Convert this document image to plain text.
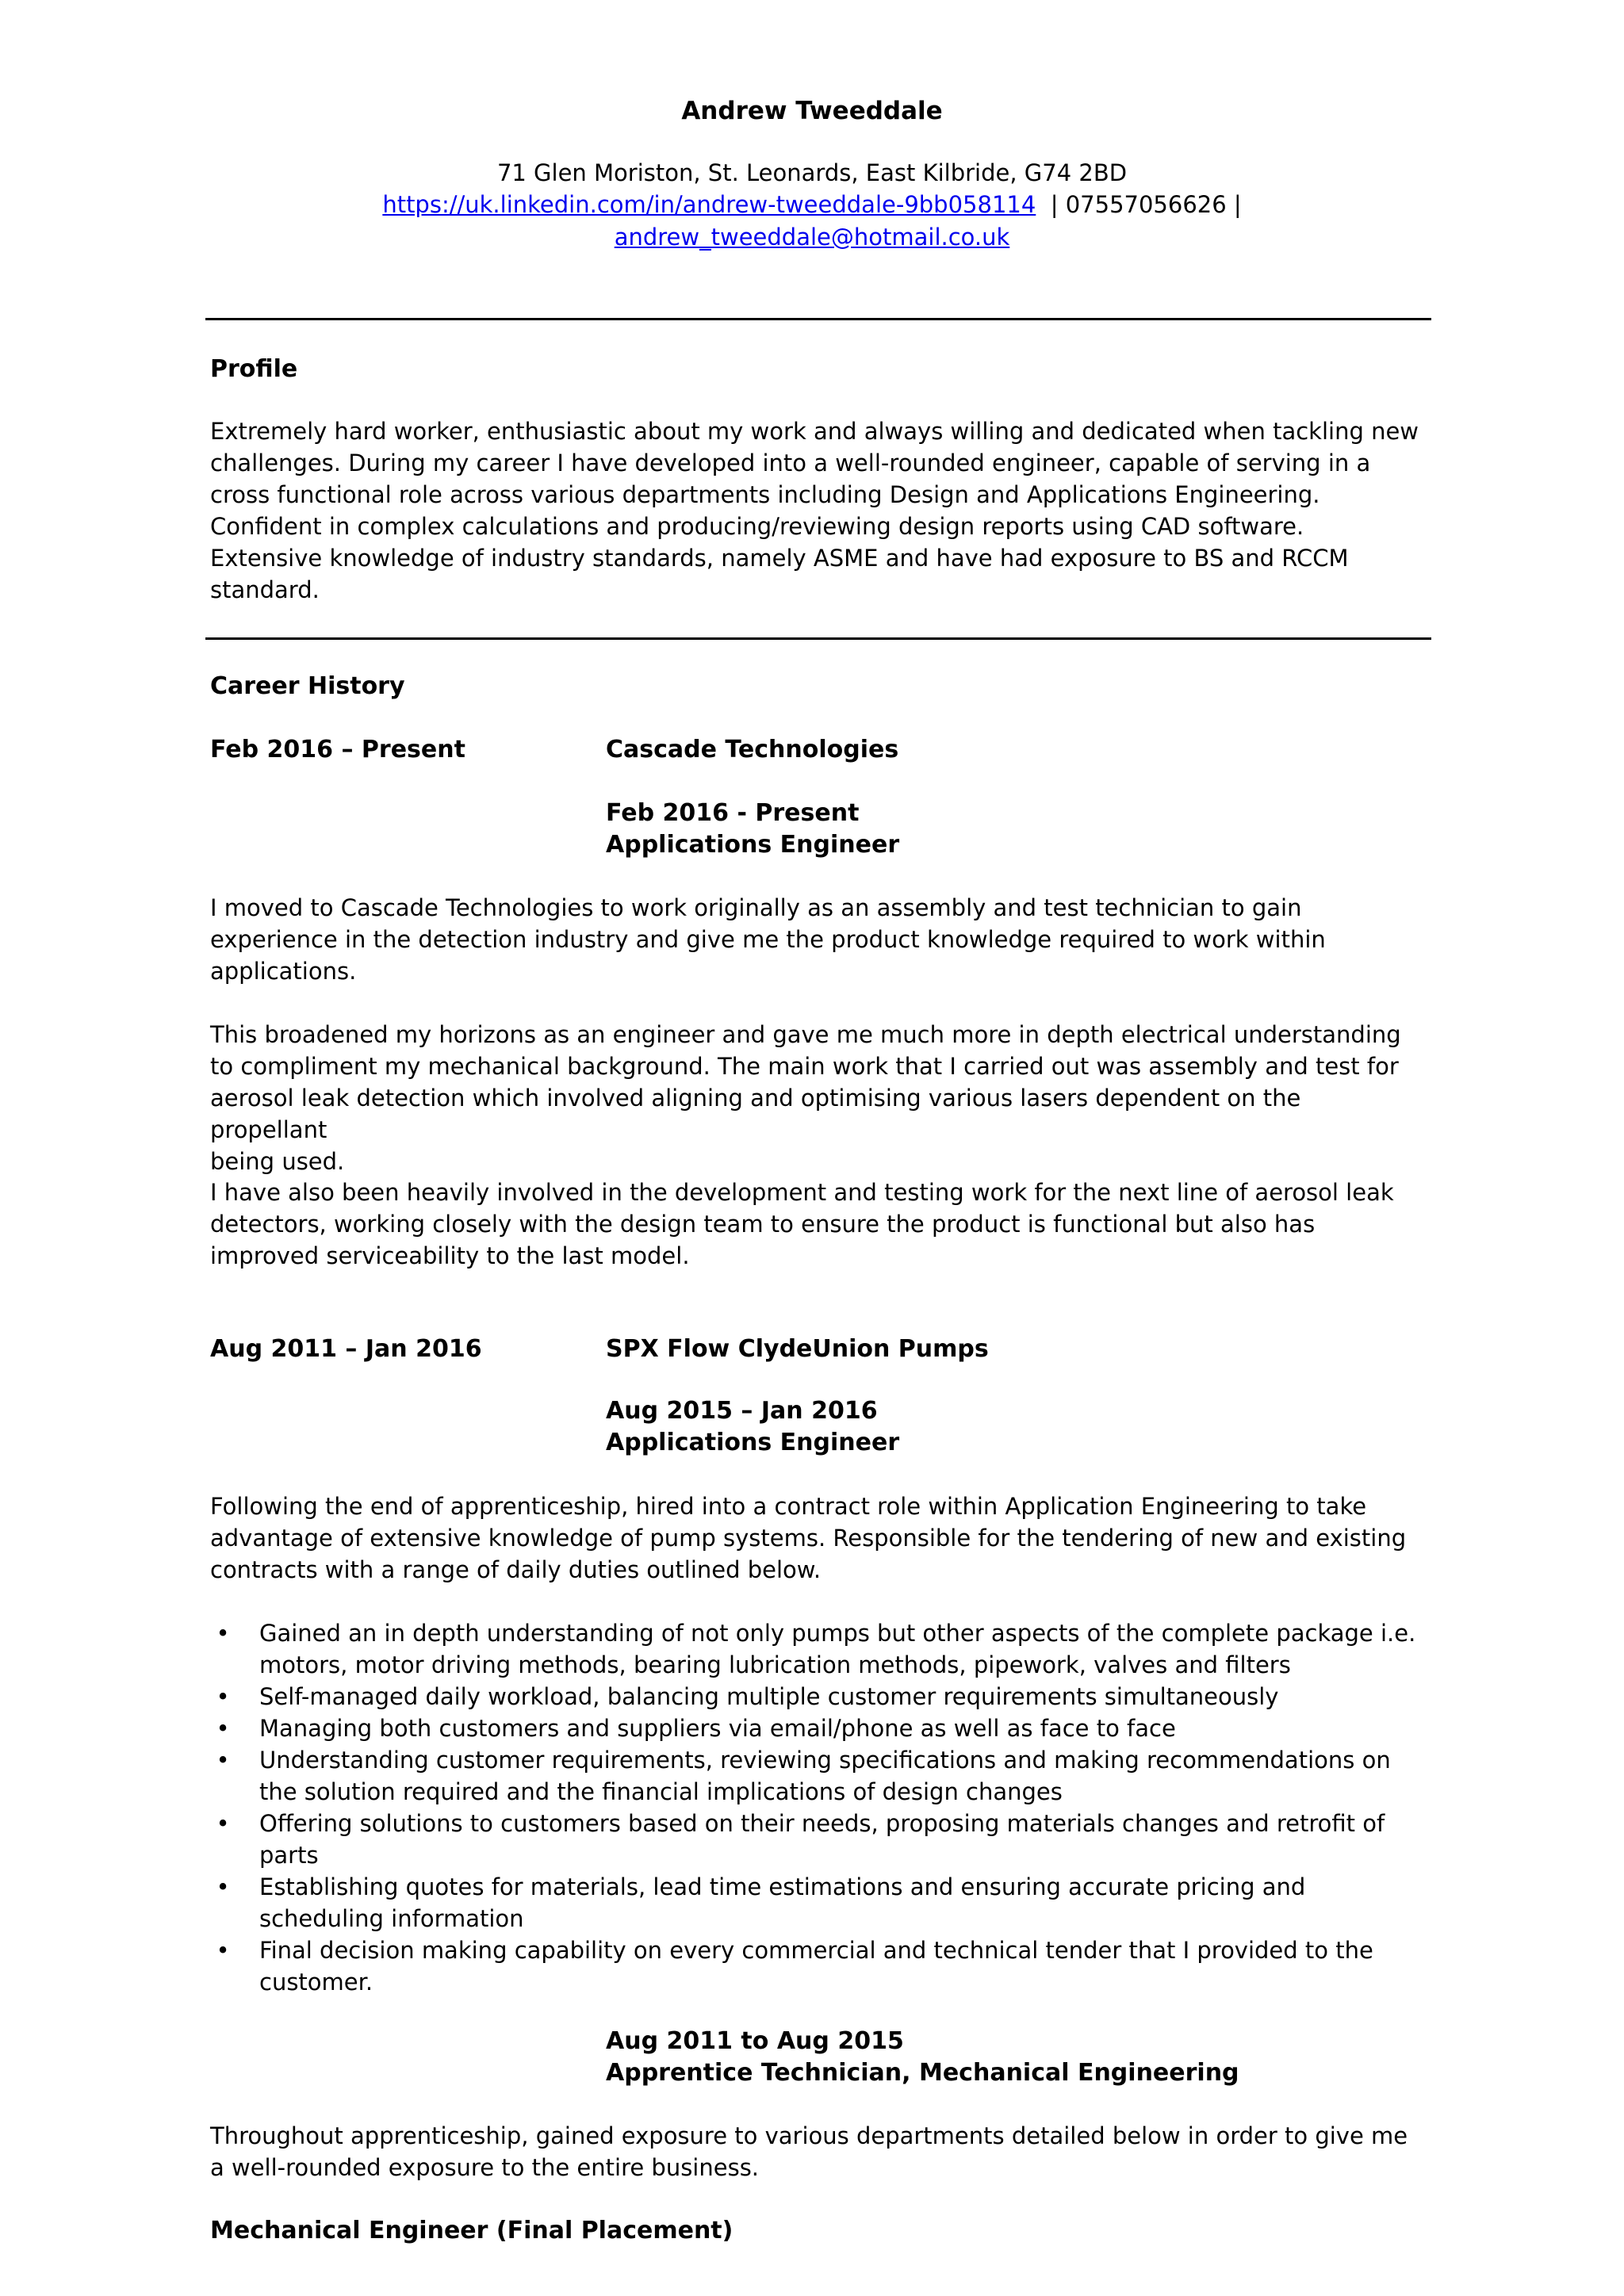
Andrew Tweeddale
71 Glen Moriston, St. Leonards, East Kilbride, G74 2BD
https://uk.linkedin.com/in/andrew-tweeddale-9bb058114  | 07557056626 |
andrew_tweeddale@hotmail.co.uk
Profile
Extremely hard worker, enthusiastic about my work and always willing and dedicated when tackling new
challenges. During my career I have developed into a well-rounded engineer, capable of serving in a
cross functional role across various departments including Design and Applications Engineering.
Confident in complex calculations and producing/reviewing design reports using CAD software.
Extensive knowledge of industry standards, namely ASME and have had exposure to BS and RCCM
standard.
Career History
Feb 2016 – Present	Cascade Technologies
Feb 2016 - Present
Applications Engineer
I moved to Cascade Technologies to work originally as an assembly and test technician to gain
experience in the detection industry and give me the product knowledge required to work within
applications.
This broadened my horizons as an engineer and gave me much more in depth electrical understanding
to compliment my mechanical background. The main work that I carried out was assembly and test for
aerosol leak detection which involved aligning and optimising various lasers dependent on the propellant
being used.
I have also been heavily involved in the development and testing work for the next line of aerosol leak
detectors, working closely with the design team to ensure the product is functional but also has
improved serviceability to the last model.
Aug 2011 – Jan 2016	SPX Flow ClydeUnion Pumps
Aug 2015 – Jan 2016
Applications Engineer
Following the end of apprenticeship, hired into a contract role within Application Engineering to take
advantage of extensive knowledge of pump systems. Responsible for the tendering of new and existing
contracts with a range of daily duties outlined below.
• Gained an in depth understanding of not only pumps but other aspects of the complete package i.e.
motors, motor driving methods, bearing lubrication methods, pipework, valves and filters
• Self-managed daily workload, balancing multiple customer requirements simultaneously
• Managing both customers and suppliers via email/phone as well as face to face
• Understanding customer requirements, reviewing specifications and making recommendations on
the solution required and the financial implications of design changes
• Offering solutions to customers based on their needs, proposing materials changes and retrofit of
parts
• Establishing quotes for materials, lead time estimations and ensuring accurate pricing and
scheduling information
• Final decision making capability on every commercial and technical tender that I provided to the
customer.
Aug 2011 to Aug 2015
Apprentice Technician, Mechanical Engineering
Throughout apprenticeship, gained exposure to various departments detailed below in order to give me
a well-rounded exposure to the entire business.
Mechanical Engineer (Final Placement)
